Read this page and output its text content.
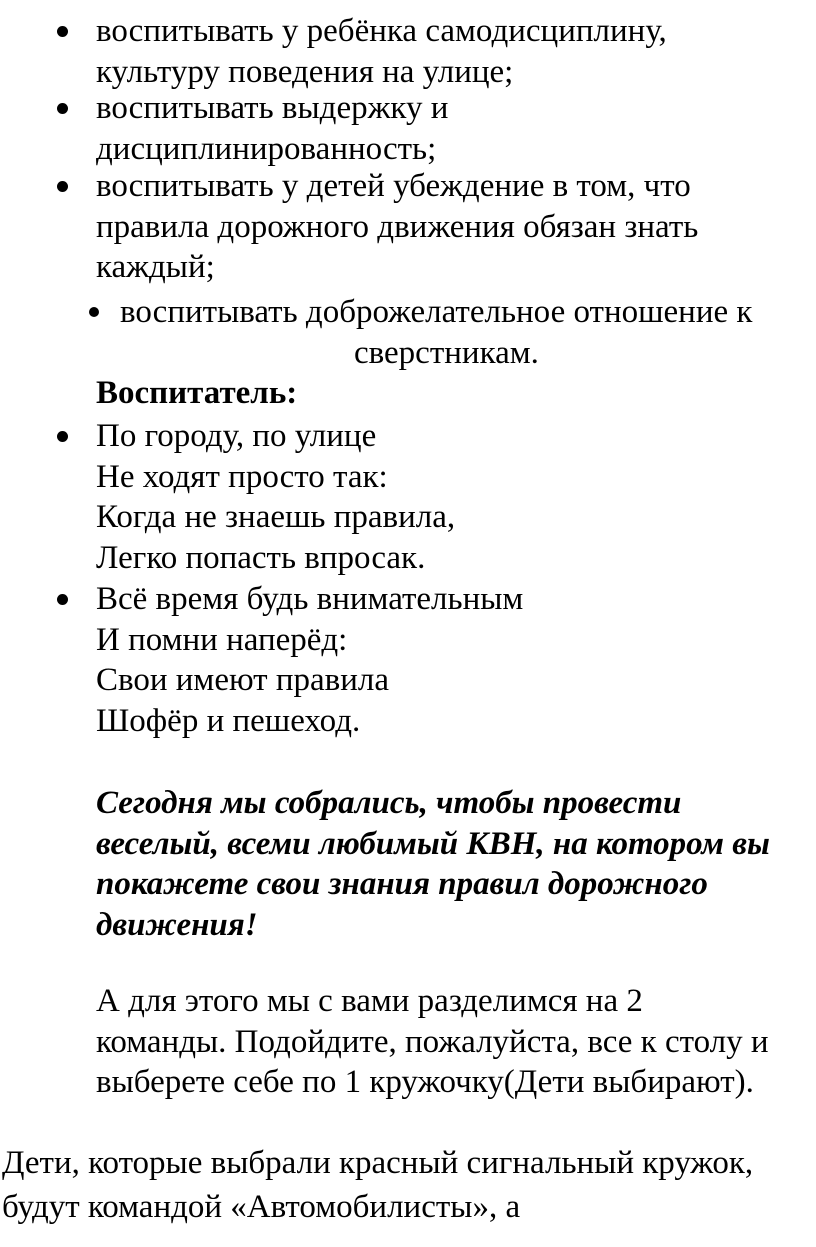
воспитывать у ребёнка самодисциплину,
культуру поведения на улице;

воспитывать выдержку и
дисциплинированность;

воспитывать у детей убеждение в том, что
правила дорожного движения обязан знать
каждый;

воспитывать доброжелательное отношение к

сверстникам.

Воспитатель:

По городу, по улице
Не ходят просто так:
Когда не знаешь правила,
Легко попасть впросак.

Всё время будь внимательным
И помни наперёд:
Свои имеют правила
Шофёр и пешеход.

Сегодня мы собрались, чтобы провести
веселый, всеми любимый КВН, на котором вы
покажете свои знания правил дорожного
движения!

А для этого мы с вами разделимся на 2
команды. Подойдите, пожалуйста, все к столу и
выберете себе по 1 кружочку(Дети выбирают).

Дети, которые выбрали красный сигнальный кружок,
будут командой «Автомобилисты», а
